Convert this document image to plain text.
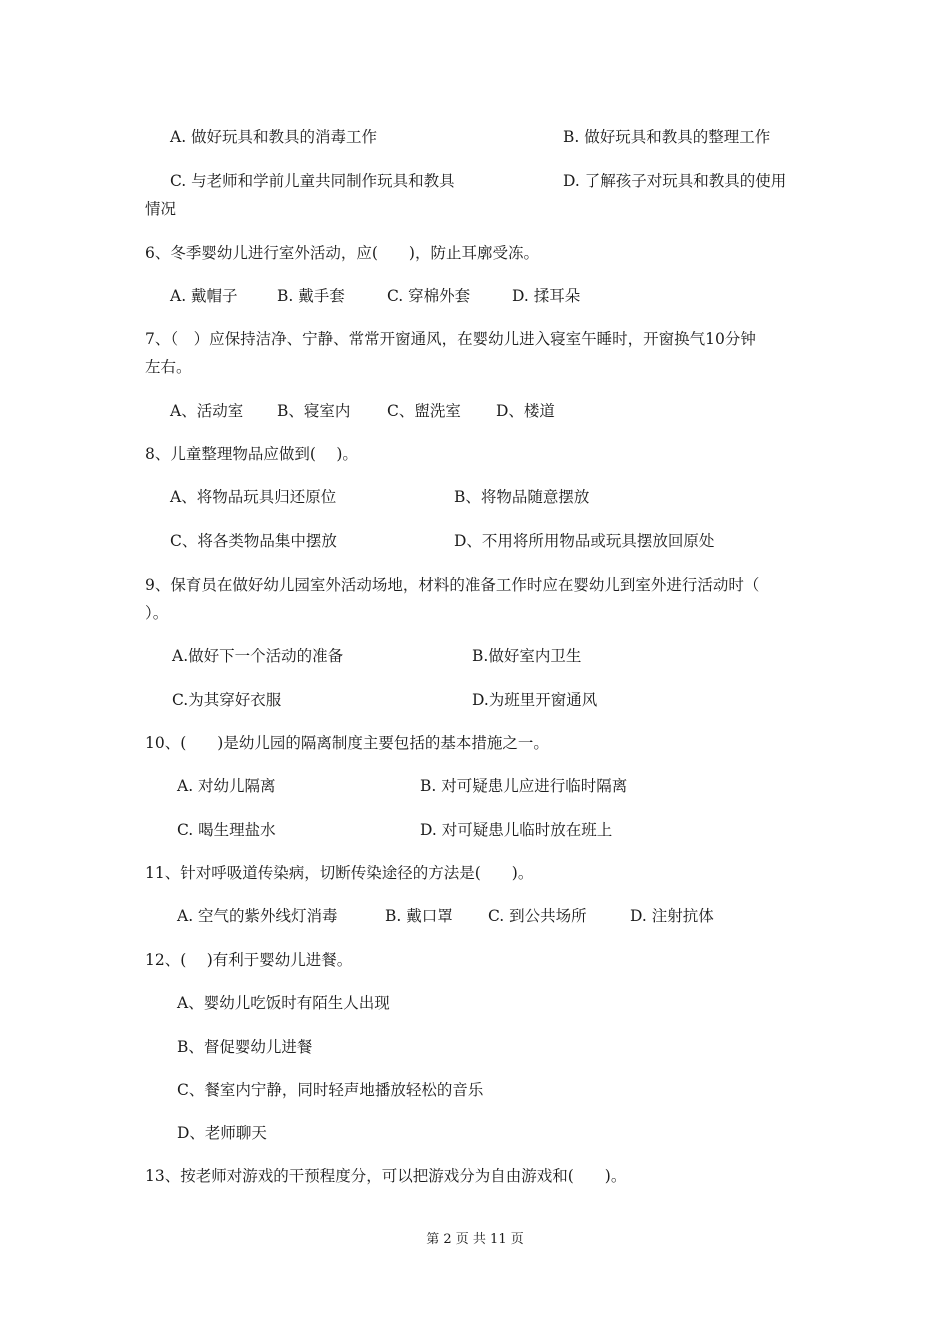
A. 做好玩具和教具的消毒工作	B. 做好玩具和教具的整理工作
C. 与老师和学前儿童共同制作玩具和教具	D. 了解孩子对玩具和教具的使用
情况
6、冬季婴幼儿进行室外活动，应(　　)，防止耳廓受冻。
A. 戴帽子	B. 戴手套	C. 穿棉外套	D. 揉耳朵
7、（　）应保持洁净、宁静、常常开窗通风，在婴幼儿进入寝室午睡时，开窗换气10分钟
左右。
A、活动室 B、寝室内 C、盥洗室 D、楼道
8、儿童整理物品应做到(　 )。
A、将物品玩具归还原位	B、将物品随意摆放
C、将各类物品集中摆放	D、不用将所用物品或玩具摆放回原处
9、保育员在做好幼儿园室外活动场地，材料的准备工作时应在婴幼儿到室外进行活动时（
）。
A.做好下一个活动的准备	B.做好室内卫生
C.为其穿好衣服	D.为班里开窗通风
10、(　　)是幼儿园的隔离制度主要包括的基本措施之一。
A. 对幼儿隔离	B. 对可疑患儿应进行临时隔离
C. 喝生理盐水	D. 对可疑患儿临时放在班上
11、针对呼吸道传染病，切断传染途径的方法是(　　)。
A. 空气的紫外线灯消毒	B. 戴口罩 C. 到公共场所	D. 注射抗体
12、(　 )有利于婴幼儿进餐。
A、婴幼儿吃饭时有陌生人出现
B、督促婴幼儿进餐
C、餐室内宁静，同时轻声地播放轻松的音乐
D、老师聊天
13、按老师对游戏的干预程度分，可以把游戏分为自由游戏和(　　)。
第 2 页 共 11 页
